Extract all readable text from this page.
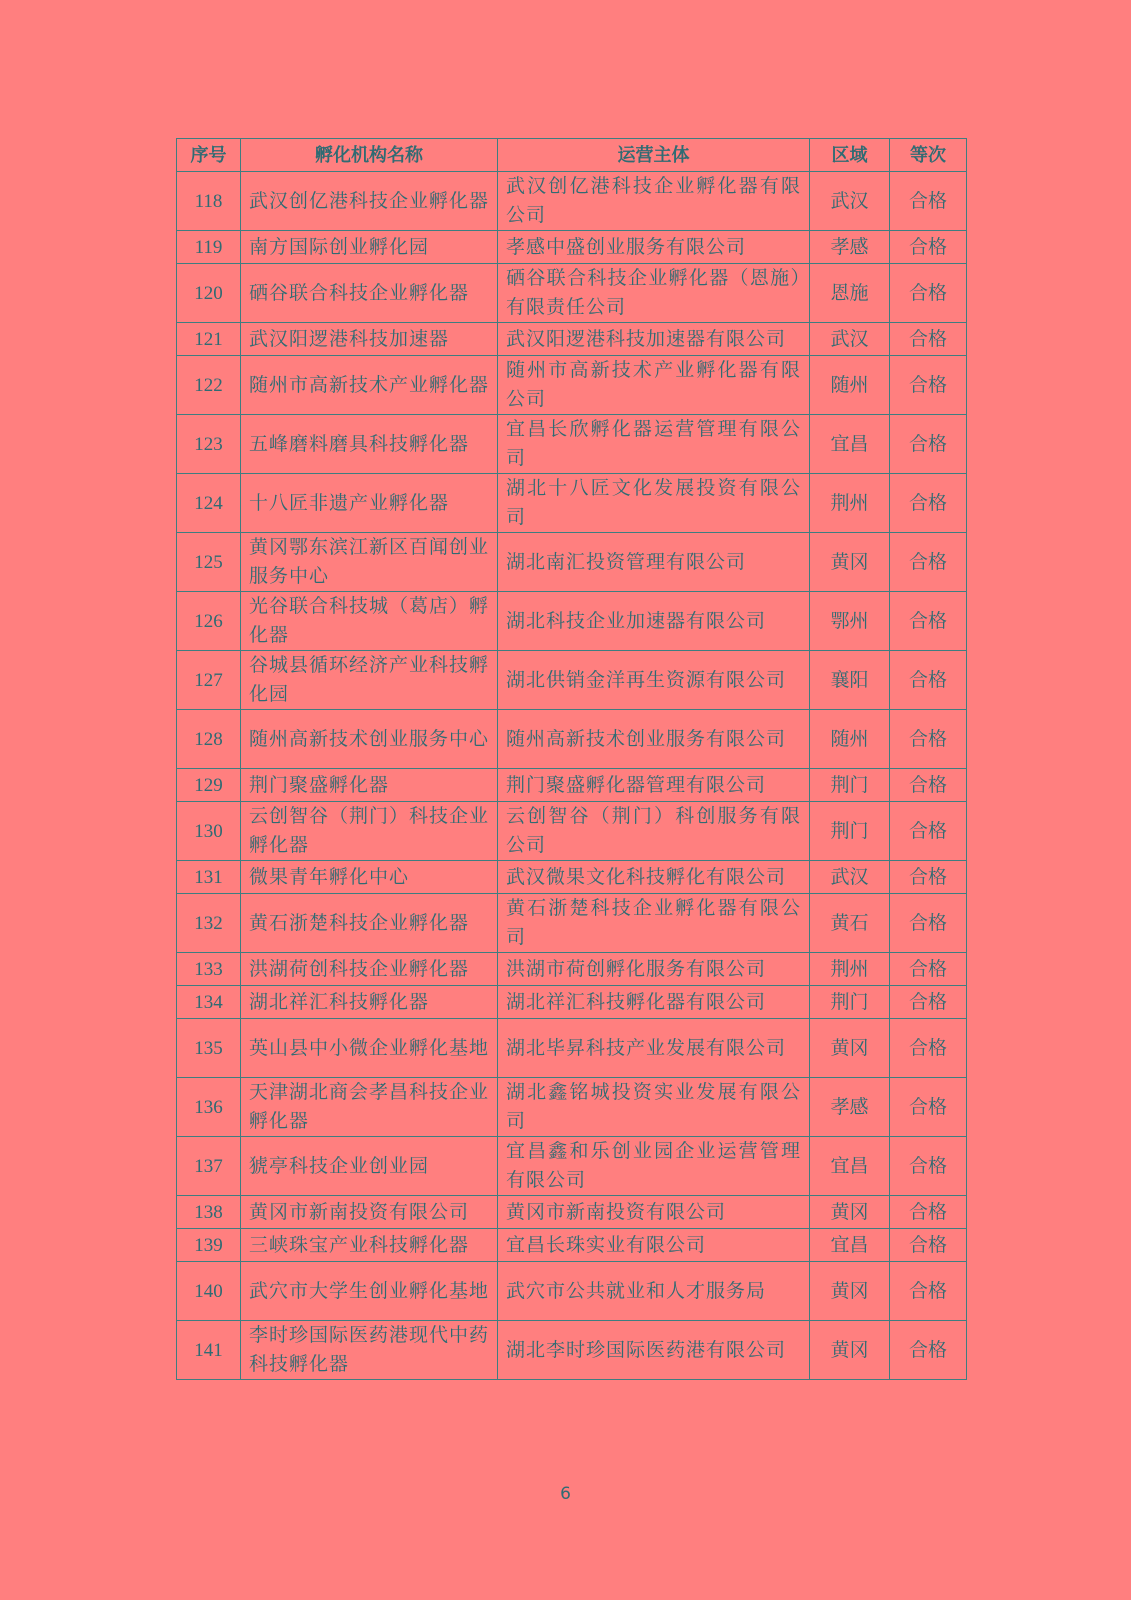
序号	孵化机构名称	运营主体	区域	等次
118	武汉创亿港科技企业孵化器	武汉创亿港科技企业孵化器有限公司	武汉	合格
119	南方国际创业孵化园	孝感中盛创业服务有限公司	孝感	合格
120	硒谷联合科技企业孵化器	硒谷联合科技企业孵化器（恩施）有限责任公司	恩施	合格
121	武汉阳逻港科技加速器	武汉阳逻港科技加速器有限公司	武汉	合格
122	随州市高新技术产业孵化器	随州市高新技术产业孵化器有限公司	随州	合格
123	五峰磨料磨具科技孵化器	宜昌长欣孵化器运营管理有限公司	宜昌	合格
124	十八匠非遗产业孵化器	湖北十八匠文化发展投资有限公司	荆州	合格
125	黄冈鄂东滨江新区百闻创业服务中心	湖北南汇投资管理有限公司	黄冈	合格
126	光谷联合科技城（葛店）孵化器	湖北科技企业加速器有限公司	鄂州	合格
127	谷城县循环经济产业科技孵化园	湖北供销金洋再生资源有限公司	襄阳	合格
128	随州高新技术创业服务中心	随州高新技术创业服务有限公司	随州	合格
129	荆门聚盛孵化器	荆门聚盛孵化器管理有限公司	荆门	合格
130	云创智谷（荆门）科技企业孵化器	云创智谷（荆门）科创服务有限公司	荆门	合格
131	微果青年孵化中心	武汉微果文化科技孵化有限公司	武汉	合格
132	黄石浙楚科技企业孵化器	黄石浙楚科技企业孵化器有限公司	黄石	合格
133	洪湖荷创科技企业孵化器	洪湖市荷创孵化服务有限公司	荆州	合格
134	湖北祥汇科技孵化器	湖北祥汇科技孵化器有限公司	荆门	合格
135	英山县中小微企业孵化基地	湖北毕昇科技产业发展有限公司	黄冈	合格
136	天津湖北商会孝昌科技企业孵化器	湖北鑫铭城投资实业发展有限公司	孝感	合格
137	猇亭科技企业创业园	宜昌鑫和乐创业园企业运营管理有限公司	宜昌	合格
138	黄冈市新南投资有限公司	黄冈市新南投资有限公司	黄冈	合格
139	三峡珠宝产业科技孵化器	宜昌长珠实业有限公司	宜昌	合格
140	武穴市大学生创业孵化基地	武穴市公共就业和人才服务局	黄冈	合格
141	李时珍国际医药港现代中药科技孵化器	湖北李时珍国际医药港有限公司	黄冈	合格
6
